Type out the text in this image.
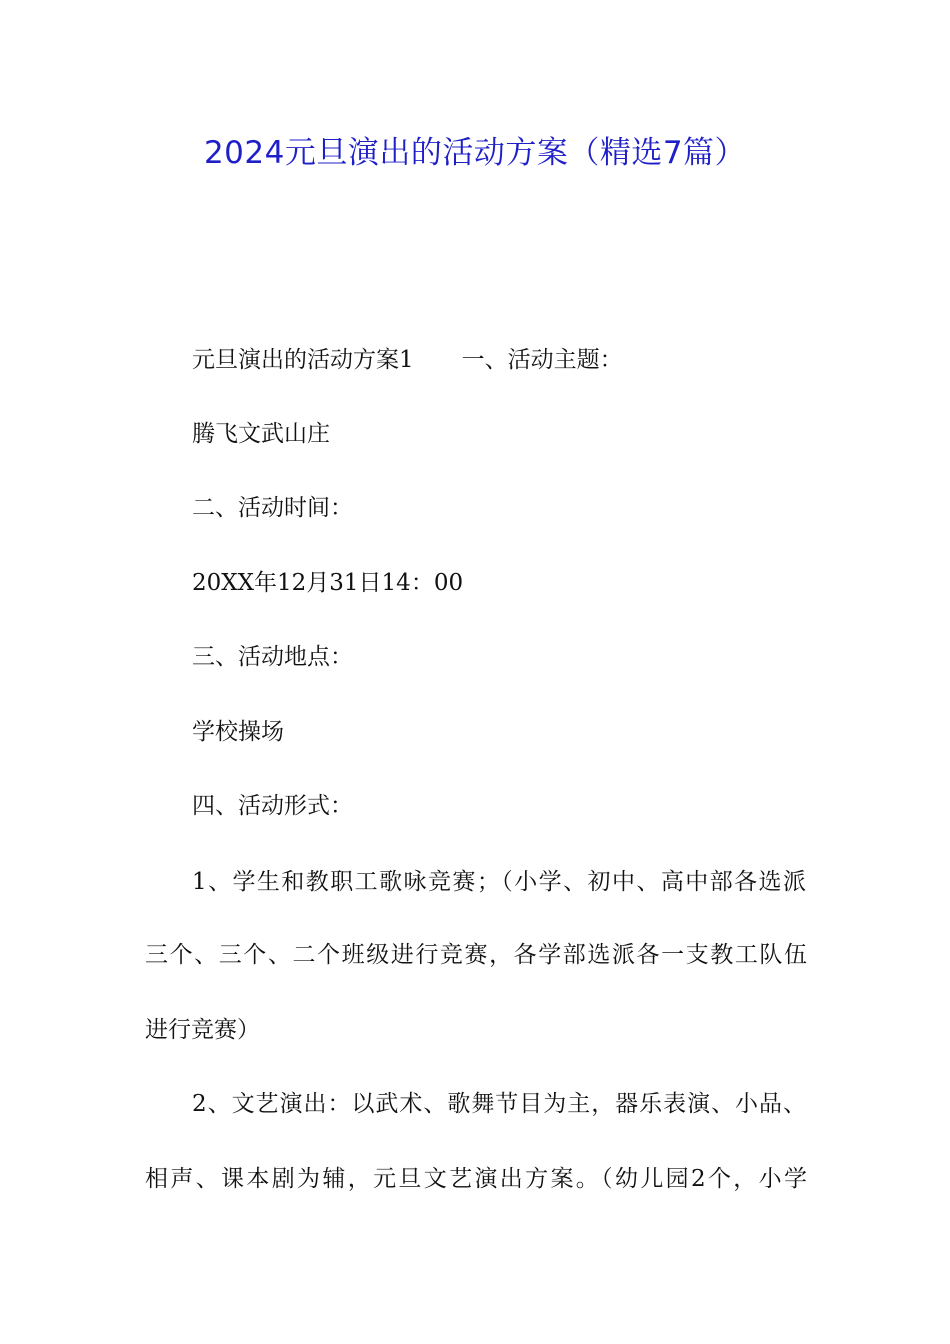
2024元旦演出的活动方案（精选7篇）
元旦演出的活动方案1 一、活动主题：
腾飞文武山庄
二、活动时间：
20XX年12月31日14：00
三、活动地点：
学校操场
四、活动形式：
1、学生和教职工歌咏竞赛；（小学、初中、高中部各选派
三个、三个、二个班级进行竞赛，各学部选派各一支教工队伍
进行竞赛）
2、文艺演出：以武术、歌舞节目为主，器乐表演、小品、
相声、课本剧为辅，元旦文艺演出方案。（幼儿园2个，小学
